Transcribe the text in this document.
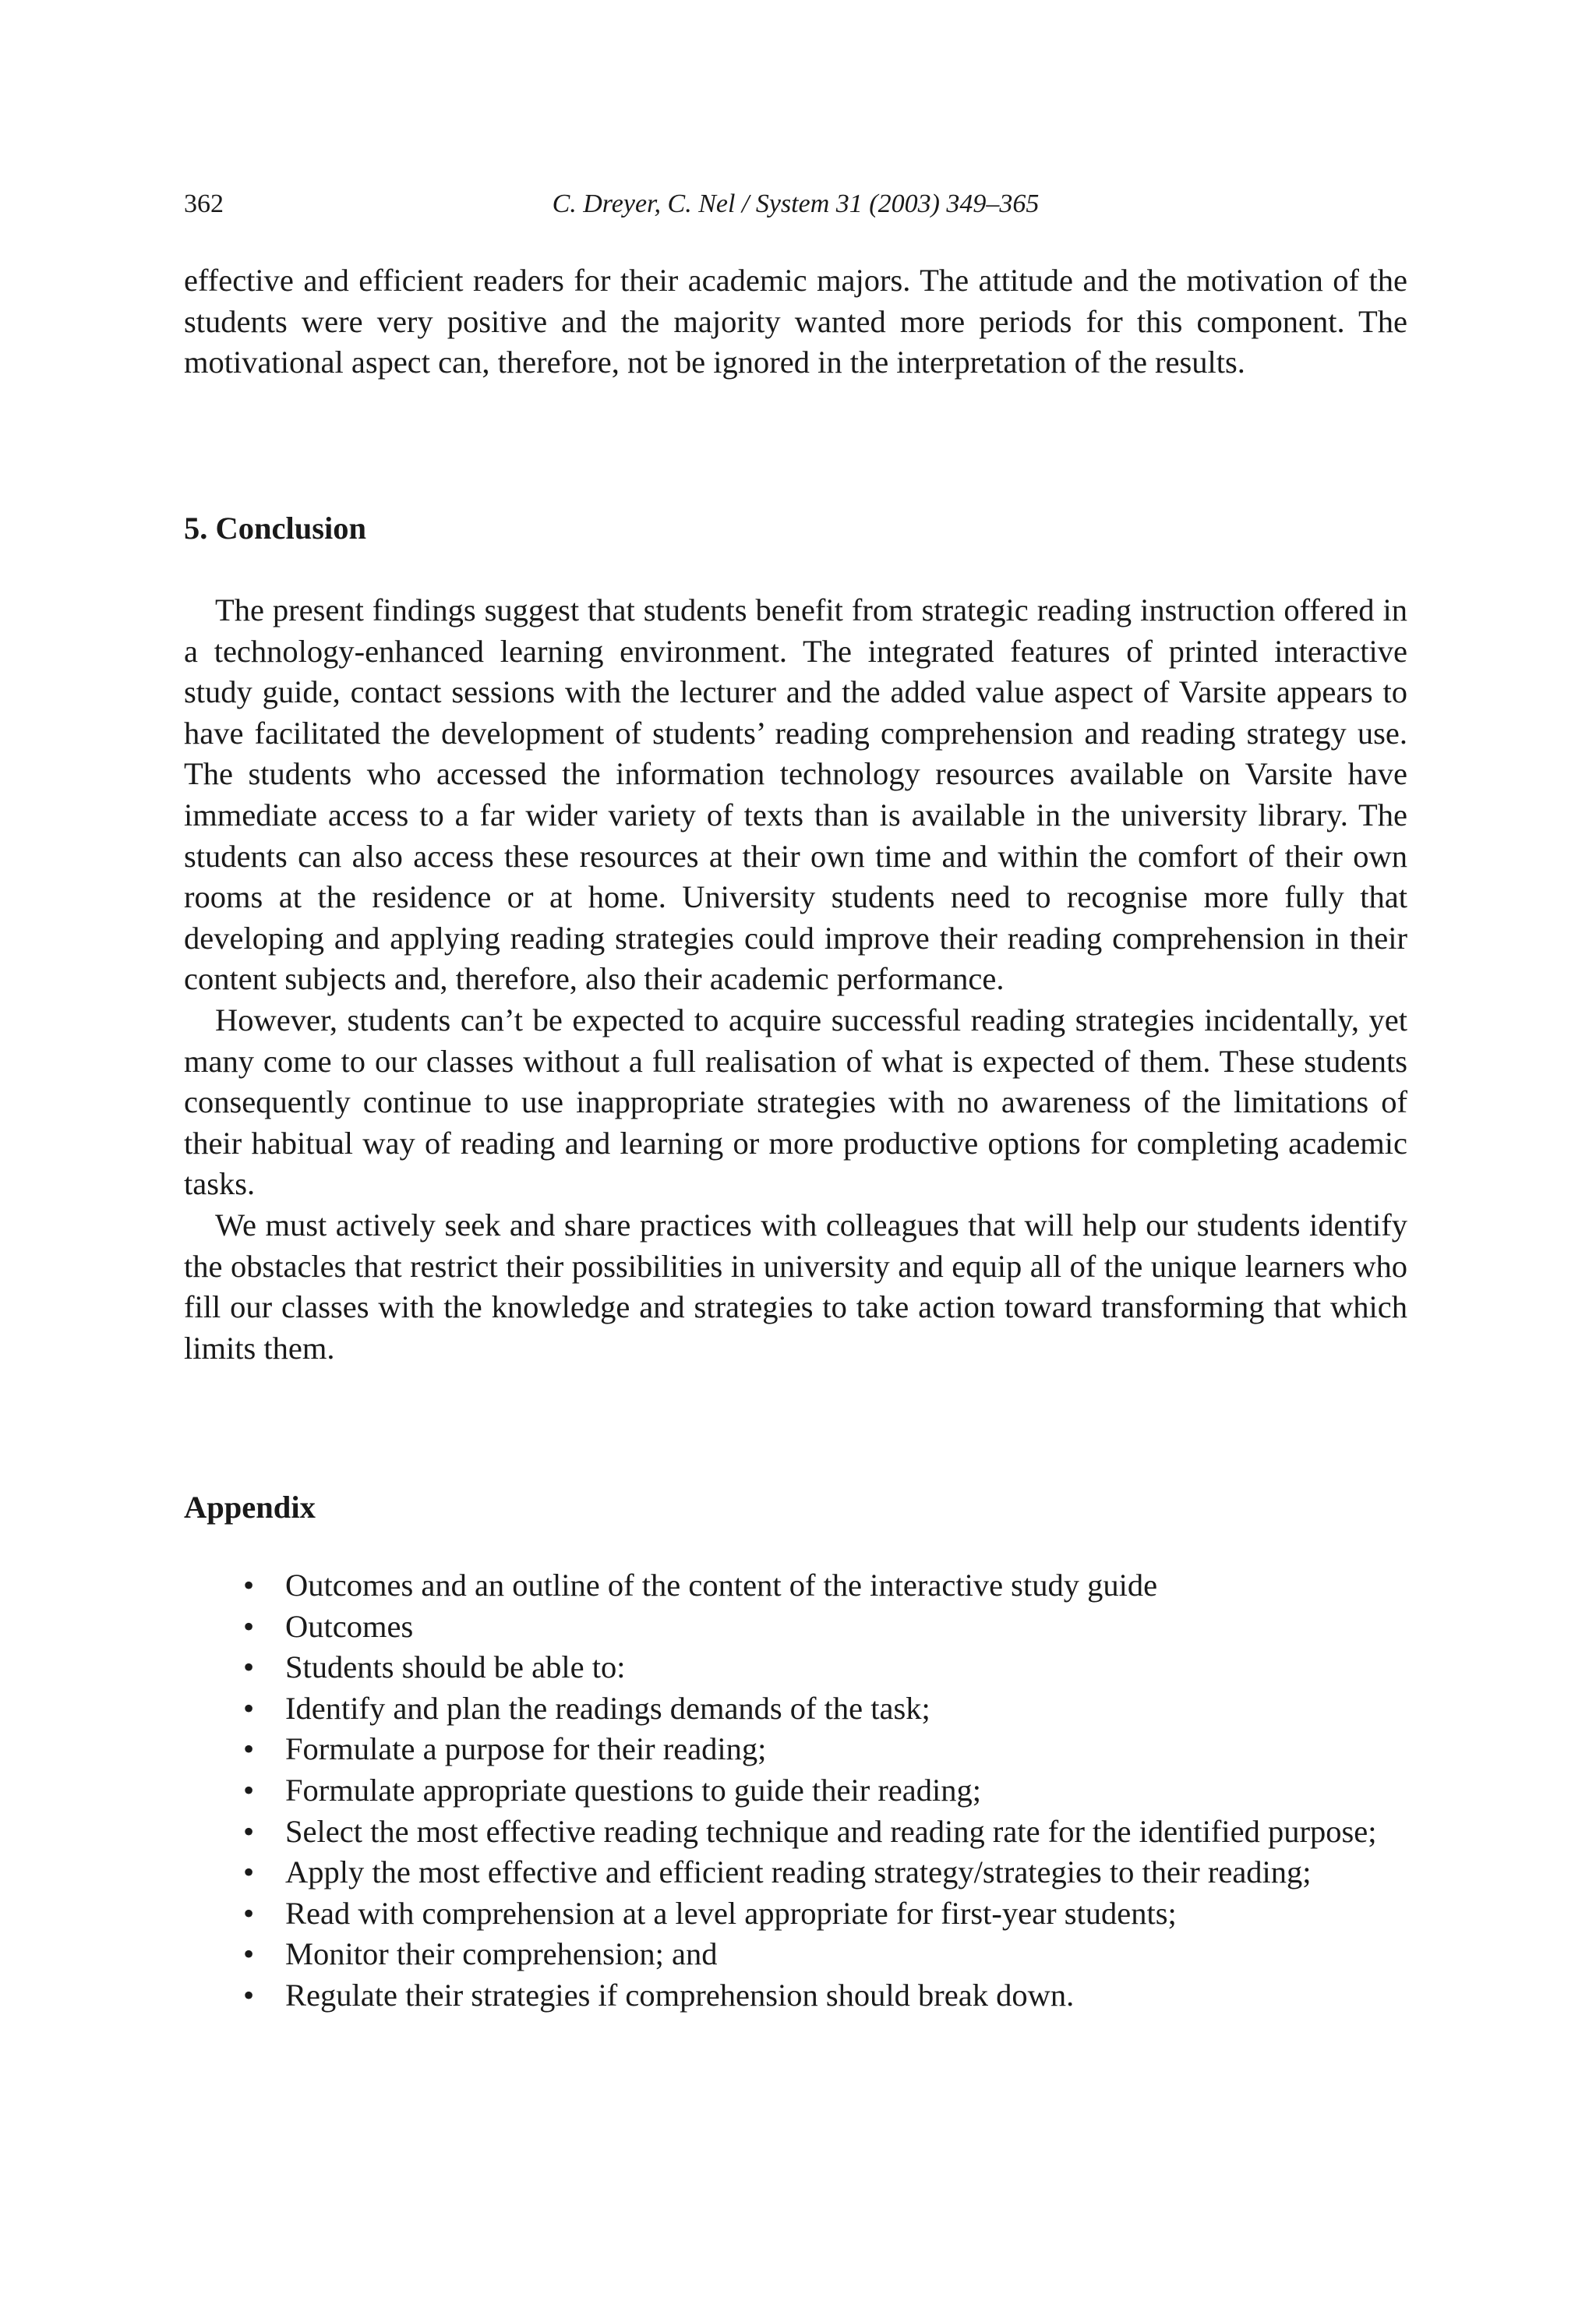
362	C. Dreyer, C. Nel / System 31 (2003) 349–365

effective and efficient readers for their academic majors. The attitude and the motivation of the students were very positive and the majority wanted more periods for this component. The motivational aspect can, therefore, not be ignored in the interpretation of the results.

5. Conclusion

The present findings suggest that students benefit from strategic reading instruction offered in a technology-enhanced learning environment. The integrated features of printed interactive study guide, contact sessions with the lecturer and the added value aspect of Varsite appears to have facilitated the development of students’ reading comprehension and reading strategy use. The students who accessed the information technology resources available on Varsite have immediate access to a far wider variety of texts than is available in the university library. The students can also access these resources at their own time and within the comfort of their own rooms at the residence or at home. University students need to recognise more fully that developing and applying reading strategies could improve their reading comprehension in their content subjects and, therefore, also their academic performance.

However, students can’t be expected to acquire successful reading strategies incidentally, yet many come to our classes without a full realisation of what is expected of them. These students consequently continue to use inappropriate strategies with no awareness of the limitations of their habitual way of reading and learning or more productive options for completing academic tasks.

We must actively seek and share practices with colleagues that will help our students identify the obstacles that restrict their possibilities in university and equip all of the unique learners who fill our classes with the knowledge and strategies to take action toward transforming that which limits them.

Appendix
• Outcomes and an outline of the content of the interactive study guide
• Outcomes
• Students should be able to:
• Identify and plan the readings demands of the task;
• Formulate a purpose for their reading;
• Formulate appropriate questions to guide their reading;
• Select the most effective reading technique and reading rate for the identified purpose;
• Apply the most effective and efficient reading strategy/strategies to their reading;
• Read with comprehension at a level appropriate for first-year students;
• Monitor their comprehension; and
• Regulate their strategies if comprehension should break down.
